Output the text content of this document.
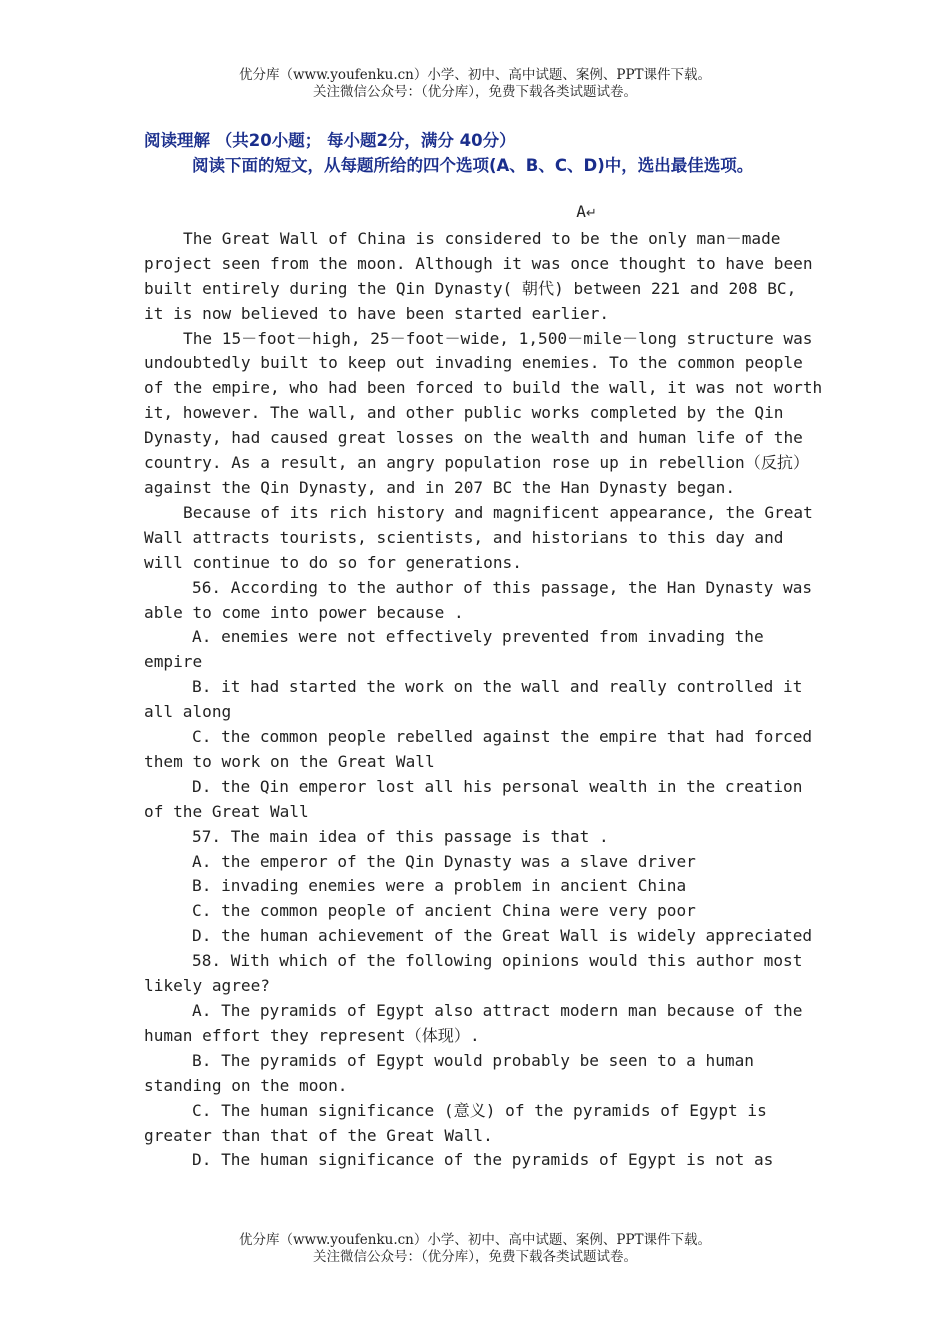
优分库（www.youfenku.cn）小学、初中、高中试题、案例、PPT课件下载。

关注微信公众号：（优分库），免费下载各类试题试卷。

阅读理解 （共20小题； 每小题2分，满分 40分）
阅读下面的短文，从每题所给的四个选项(A、B、C、D)中，选出最佳选项。

A↵

The Great Wall of China is considered to be the only man－made project seen from the moon. Although it was once thought to have been built entirely during the Qin Dynasty( 朝代) between 221 and 208 BC, it is now believed to have been started earlier.

The 15－foot－high, 25－foot－wide, 1,500－mile－long structure was undoubtedly built to keep out invading enemies. To the common people of the empire, who had been forced to build the wall, it was not worth it, however. The wall, and other public works completed by the Qin Dynasty, had caused great losses on the wealth and human life of the country. As a result, an angry population rose up in rebellion（反抗）against the Qin Dynasty, and in 207 BC the Han Dynasty began.

Because of its rich history and magnificent appearance, the Great Wall attracts tourists, scientists, and historians to this day and will continue to do so for generations.

56. According to the author of this passage, the Han Dynasty was able to come into power because .

A. enemies were not effectively prevented from invading the empire

B. it had started the work on the wall and really controlled it all along

C. the common people rebelled against the empire that had forced them to work on the Great Wall

D. the Qin emperor lost all his personal wealth in the creation of the Great Wall

57. The main idea of this passage is that .

A. the emperor of the Qin Dynasty was a slave driver

B. invading enemies were a problem in ancient China

C. the common people of ancient China were very poor

D. the human achievement of the Great Wall is widely appreciated

58. With which of the following opinions would this author most likely agree?

A. The pyramids of Egypt also attract modern man because of the human effort they represent（体现）.

B. The pyramids of Egypt would probably be seen to a human standing on the moon.

C. The human significance (意义) of the pyramids of Egypt is greater than that of the Great Wall.

D. The human significance of the pyramids of Egypt is not as

优分库（www.youfenku.cn）小学、初中、高中试题、案例、PPT课件下载。

关注微信公众号：（优分库），免费下载各类试题试卷。
